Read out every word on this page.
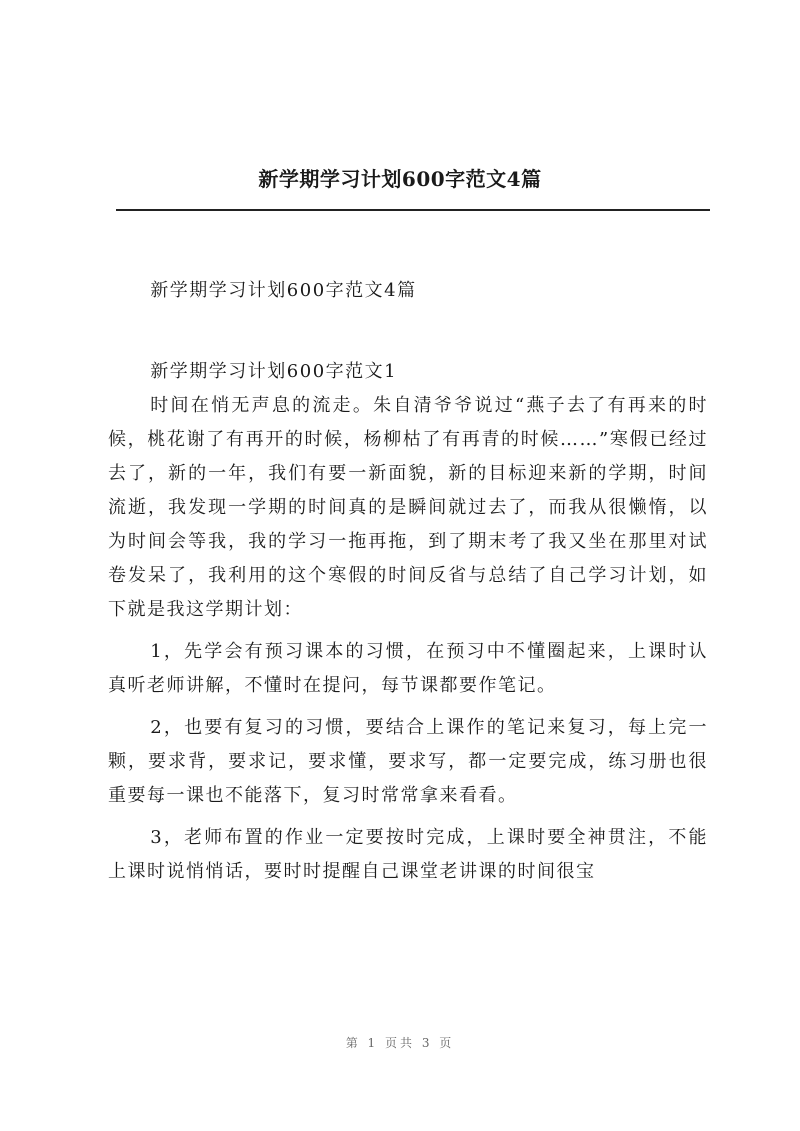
新学期学习计划600字范文4篇

新学期学习计划600字范文4篇

新学期学习计划600字范文1

时间在悄无声息的流走。朱自清爷爷说过“燕子去了有再来的时候，桃花谢了有再开的时候，杨柳枯了有再青的时候……”寒假已经过去了，新的一年，我们有要一新面貌，新的目标迎来新的学期，时间流逝，我发现一学期的时间真的是瞬间就过去了，而我从很懒惰，以为时间会等我，我的学习一拖再拖，到了期末考了我又坐在那里对试卷发呆了，我利用的这个寒假的时间反省与总结了自己学习计划，如下就是我这学期计划：

1，先学会有预习课本的习惯，在预习中不懂圈起来，上课时认真听老师讲解，不懂时在提问，每节课都要作笔记。

2，也要有复习的习惯，要结合上课作的笔记来复习，每上完一颗，要求背，要求记，要求懂，要求写，都一定要完成，练习册也很重要每一课也不能落下，复习时常常拿来看看。

3，老师布置的作业一定要按时完成，上课时要全神贯注，不能上课时说悄悄话，要时时提醒自己课堂老讲课的时间很宝

第 1 页共 3 页
